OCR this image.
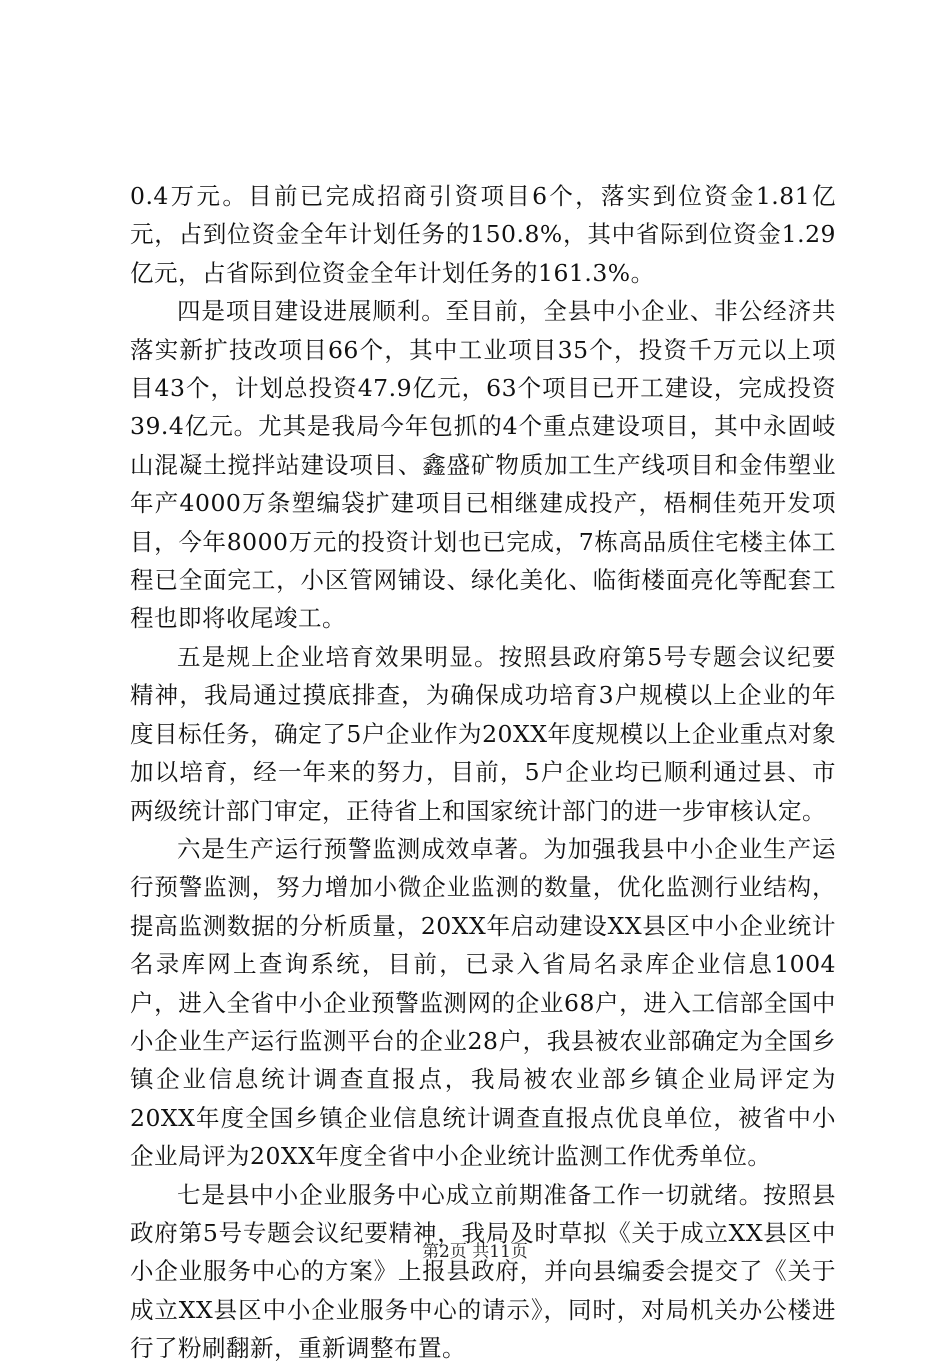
0.4万元。目前已完成招商引资项目6个，落实到位资金1.81亿元，占到位资金全年计划任务的150.8%，其中省际到位资金1.29亿元，占省际到位资金全年计划任务的161.3%。

四是项目建设进展顺利。至目前，全县中小企业、非公经济共落实新扩技改项目66个，其中工业项目35个，投资千万元以上项目43个，计划总投资47.9亿元，63个项目已开工建设，完成投资39.4亿元。尤其是我局今年包抓的4个重点建设项目，其中永固岐山混凝土搅拌站建设项目、鑫盛矿物质加工生产线项目和金伟塑业年产4000万条塑编袋扩建项目已相继建成投产，梧桐佳苑开发项目，今年8000万元的投资计划也已完成，7栋高品质住宅楼主体工程已全面完工，小区管网铺设、绿化美化、临街楼面亮化等配套工程也即将收尾竣工。

五是规上企业培育效果明显。按照县政府第5号专题会议纪要精神，我局通过摸底排查，为确保成功培育3户规模以上企业的年度目标任务，确定了5户企业作为20XX年度规模以上企业重点对象加以培育，经一年来的努力，目前，5户企业均已顺利通过县、市两级统计部门审定，正待省上和国家统计部门的进一步审核认定。

六是生产运行预警监测成效卓著。为加强我县中小企业生产运行预警监测，努力增加小微企业监测的数量，优化监测行业结构，提高监测数据的分析质量，20XX年启动建设XX县区中小企业统计名录库网上查询系统，目前，已录入省局名录库企业信息1004户，进入全省中小企业预警监测网的企业68户，进入工信部全国中小企业生产运行监测平台的企业28户，我县被农业部确定为全国乡镇企业信息统计调查直报点，我局被农业部乡镇企业局评定为20XX年度全国乡镇企业信息统计调查直报点优良单位，被省中小企业局评为20XX年度全省中小企业统计监测工作优秀单位。

七是县中小企业服务中心成立前期准备工作一切就绪。按照县政府第5号专题会议纪要精神，我局及时草拟《关于成立XX县区中小企业服务中心的方案》上报县政府，并向县编委会提交了《关于成立XX县区中小企业服务中心的请示》，同时，对局机关办公楼进行了粉刷翻新，重新调整布置。

第2页 共11页
